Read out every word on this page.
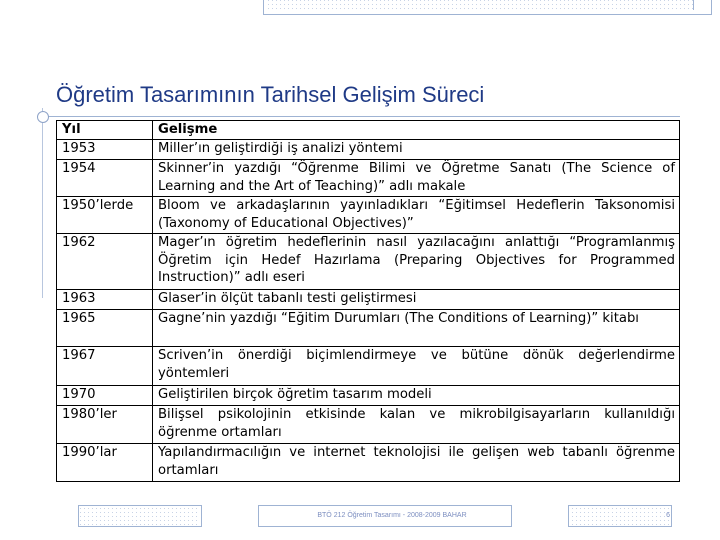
Öğretim Tasarımının Tarihsel Gelişim Süreci
Yıl	Gelişme
1953	Miller’ın geliştirdiği iş analizi yöntemi
1954	Skinner’in yazdığı “Öğrenme Bilimi ve Öğretme Sanatı (The Science of Learning and the Art of Teaching)” adlı makale
1950’lerde	Bloom ve arkadaşlarının yayınladıkları “Eğitimsel Hedeflerin Taksonomisi (Taxonomy of Educational Objectives)”
1962	Mager’ın öğretim hedeflerinin nasıl yazılacağını anlattığı “Programlanmış Öğretim için Hedef Hazırlama (Preparing Objectives for Programmed Instruction)” adlı eseri
1963	Glaser’in ölçüt tabanlı testi geliştirmesi
1965	Gagne’nin yazdığı “Eğitim Durumları (The Conditions of Learning)” kitabı
1967	Scriven’in önerdiği biçimlendirmeye ve bütüne dönük değerlendirme yöntemleri
1970	Geliştirilen birçok öğretim tasarım modeli
1980’ler	Bilişsel psikolojinin etkisinde kalan ve mikrobilgisayarların kullanıldığı öğrenme ortamları
1990’lar	Yapılandırmacılığın ve internet teknolojisi ile gelişen web tabanlı öğrenme ortamları
BTÖ 212 Öğretim Tasarımı - 2008-2009 BAHAR	6
